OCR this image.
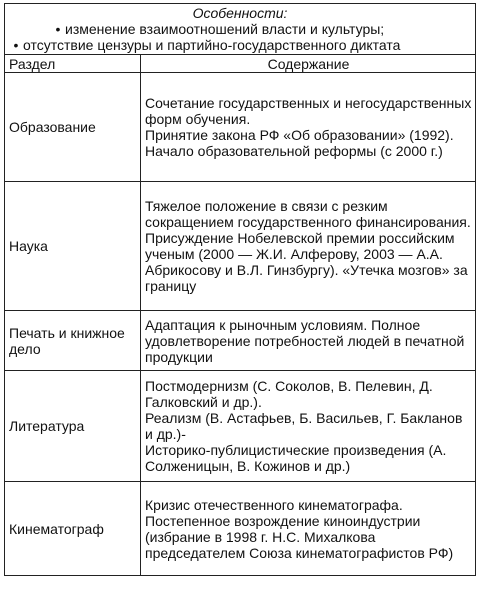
Особенности:
• изменение взаимоотношений власти и культуры;
• отсутствие цензуры и партийно-государственного диктата
Раздел	Содержание
Образование	Сочетание государственных и негосударственных форм обучения.

Принятие закона РФ «Об образовании» (1992).

Начало образовательной реформы (с 2000 г.)

Наука	Тяжелое положение в связи с резким сокращением государственного финансирования.

Присуждение Нобелевской премии российским ученым (2000 — Ж.И. Алферову, 2003 — А.А. Абрикосову и В.Л. Гинзбургу). «Утечка мозгов» за границу

Печать и книжное дело	Адаптация к рыночным условиям. Полное удовлетворение потребностей людей в печатной продукции

Литература	Постмодернизм (С. Соколов, В. Пелевин, Д. Галковский и др.).

Реализм (В. Астафьев, Б. Васильев, Г. Бакланов и др.)-

Историко-публицистические произведения (А. Солженицын, В. Кожинов и др.)

Кинематограф	Кризис отечественного кинематографа.

Постепенное возрождение киноиндустрии (избрание в 1998 г. Н.С. Михалкова председателем Союза кинематографистов РФ)
